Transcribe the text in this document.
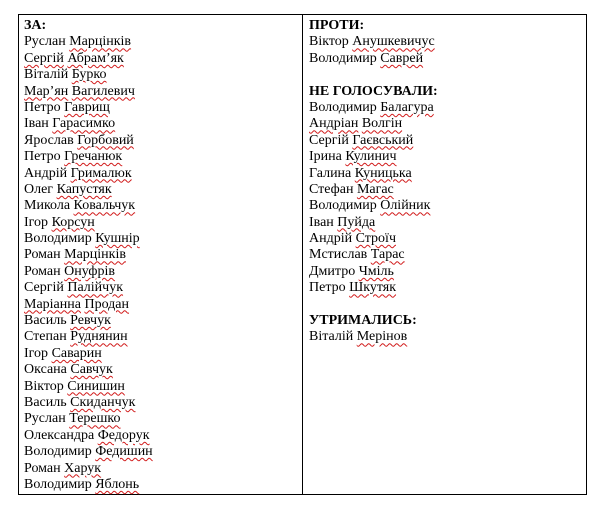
ЗА:
Руслан Марцінків
Сергій Абрам’як
Віталій Бурко
Мар’ян Вагилевич
Петро Гаврищ
Іван Гарасимко
Ярослав Горбовий
Петро Гречанюк
Андрій Грималюк
Олег Капустяк
Микола Ковальчук
Ігор Корсун
Володимир Кушнір
Роман Марцінків
Роман Онуфрів
Сергій Палійчук
Маріанна Продан
Василь Ревчук
Степан Руднянин
Ігор Саварин
Оксана Савчук
Віктор Синишин
Василь Скиданчук
Руслан Терешко
Олександра Федорук
Володимир Федишин
Роман Харук
Володимир Яблонь
ПРОТИ:
Віктор Анушкевичус
Володимир Саврей
НЕ ГОЛОСУВАЛИ:
Володимир Балагура
Андріан Волгін
Сергій Гаєвський
Ірина Кулинич
Галина Куницька
Стефан Магас
Володимир Олійник
Іван Пуйда
Андрій Строїч
Мстислав Тарас
Дмитро Чміль
Петро Шкутяк
УТРИМАЛИСЬ:
Віталій Мерінов
